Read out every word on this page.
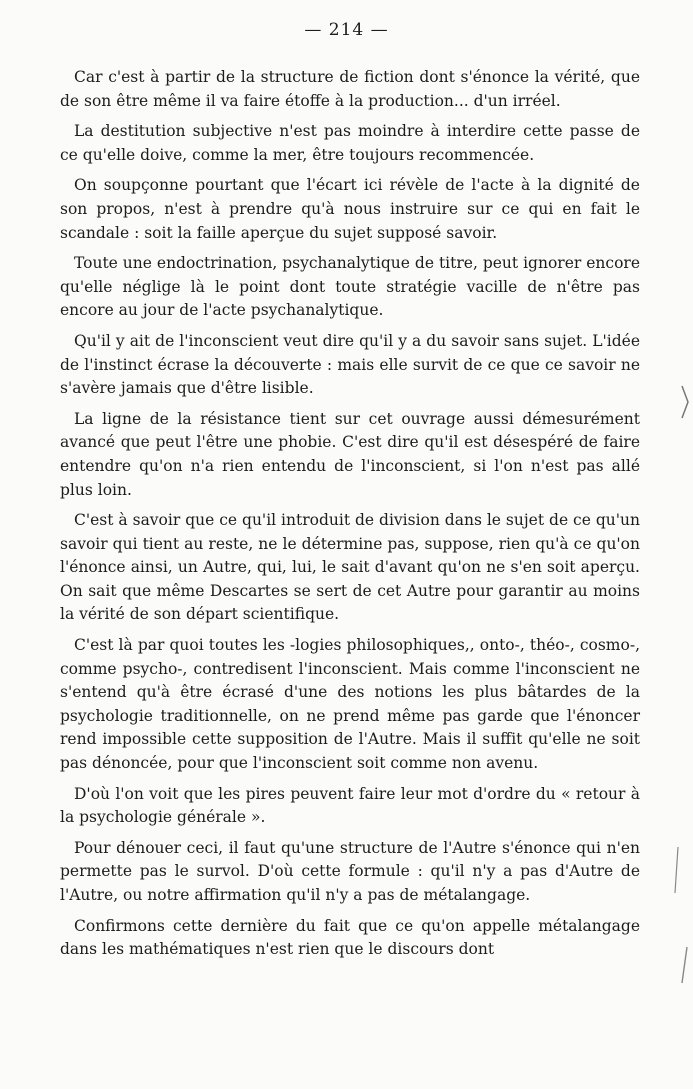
— 214 —

Car c'est à partir de la structure de fiction dont s'énonce la vérité, que de son être même il va faire étoffe à la production... d'un irréel.

La destitution subjective n'est pas moindre à interdire cette passe de ce qu'elle doive, comme la mer, être toujours recommencée.

On soupçonne pourtant que l'écart ici révèle de l'acte à la dignité de son propos, n'est à prendre qu'à nous instruire sur ce qui en fait le scandale : soit la faille aperçue du sujet supposé savoir.

Toute une endoctrination, psychanalytique de titre, peut ignorer encore qu'elle néglige là le point dont toute stratégie vacille de n'être pas encore au jour de l'acte psychanalytique.

Qu'il y ait de l'inconscient veut dire qu'il y a du savoir sans sujet. L'idée de l'instinct écrase la découverte : mais elle survit de ce que ce savoir ne s'avère jamais que d'être lisible.

La ligne de la résistance tient sur cet ouvrage aussi démesurément avancé que peut l'être une phobie. C'est dire qu'il est désespéré de faire entendre qu'on n'a rien entendu de l'inconscient, si l'on n'est pas allé plus loin.

C'est à savoir que ce qu'il introduit de division dans le sujet de ce qu'un savoir qui tient au reste, ne le détermine pas, suppose, rien qu'à ce qu'on l'énonce ainsi, un Autre, qui, lui, le sait d'avant qu'on ne s'en soit aperçu. On sait que même Descartes se sert de cet Autre pour garantir au moins la vérité de son départ scientifique.

C'est là par quoi toutes les -logies philosophiques,, onto-, théo-, cosmo-, comme psycho-, contredisent l'inconscient. Mais comme l'inconscient ne s'entend qu'à être écrasé d'une des notions les plus bâtardes de la psychologie traditionnelle, on ne prend même pas garde que l'énoncer rend impossible cette supposition de l'Autre. Mais il suffit qu'elle ne soit pas dénoncée, pour que l'inconscient soit comme non avenu.

D'où l'on voit que les pires peuvent faire leur mot d'ordre du « retour à la psychologie générale ».

Pour dénouer ceci, il faut qu'une structure de l'Autre s'énonce qui n'en permette pas le survol. D'où cette formule : qu'il n'y a pas d'Autre de l'Autre, ou notre affirmation qu'il n'y a pas de métalangage.

Confirmons cette dernière du fait que ce qu'on appelle métalangage dans les mathématiques n'est rien que le discours dont
